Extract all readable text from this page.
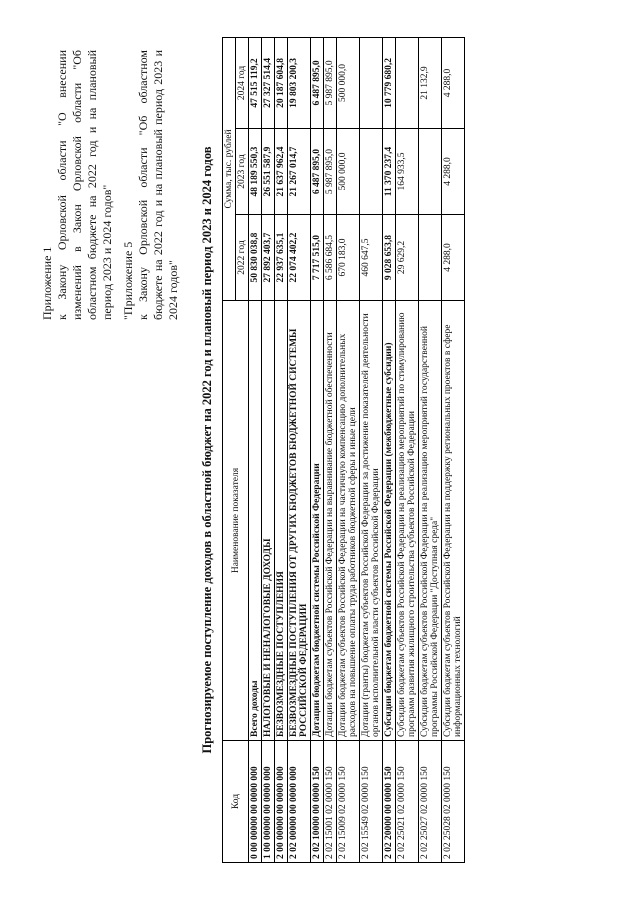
Приложение 1 к Закону Орловской области "О внесении изменений в Закон Орловской области "Об областном бюджете на 2022 год и на плановый период 2023 и 2024 годов" "Приложение 5 к Закону Орловской области "Об областном бюджете на 2022 год и на плановый период 2023 и 2024 годов" Прогнозируемое поступление доходов в областной бюджет на 2022 год и плановый период 2023 и 2024 годов
Код	Наименование показателя	Сумма, тыс. рублей		
		2022 год	2023 год	2024 год
0 00 00000 00 0000 000	Всего доходы	50 830 038,8	48 189 550,3	47 515 119,2
1 00 00000 00 0000 000	НАЛОГОВЫЕ И НЕНАЛОГОВЫЕ ДОХОДЫ	27 892 403,7	26 551 587,9	27 327 514,4
2 00 00000 00 0000 000	БЕЗВОЗМЕЗДНЫЕ ПОСТУПЛЕНИЯ	22 937 635,1	21 637 962,4	20 187 604,8
2 02 00000 00 0000 000	БЕЗВОЗМЕЗДНЫЕ ПОСТУПЛЕНИЯ ОТ ДРУГИХ БЮДЖЕТОВ БЮДЖЕТНОЙ СИСТЕМЫ РОССИЙСКОЙ ФЕДЕРАЦИИ	22 074 402,2	21 267 014,7	19 803 200,3
2 02 10000 00 0000 150	Дотации бюджетам бюджетной системы Российской Федерации	7 717 515,0	6 487 895,0	6 487 895,0
2 02 15001 02 0000 150	Дотации бюджетам субъектов Российской Федерации на выравнивание бюджетной обеспеченности	6 586 684,5	5 987 895,0	5 987 895,0
2 02 15009 02 0000 150	Дотации бюджетам субъектов Российской Федерации на частичную компенсацию дополнительных расходов на повышение оплаты труда работников бюджетной сферы и иные цели	670 183,0	500 000,0	500 000,0
2 02 15549 02 0000 150	Дотации (гранты) бюджетам субъектов Российской Федерации за достижение показателей деятельности органов исполнительной власти субъектов Российской Федерации	460 647,5		
2 02 20000 00 0000 150	Субсидии бюджетам бюджетной системы Российской Федерации (межбюджетные субсидии)	9 028 653,8	11 370 237,4	10 779 680,2
2 02 25021 02 0000 150	Субсидии бюджетам субъектов Российской Федерации на реализацию мероприятий по стимулированию программ развития жилищного строительства субъектов Российской Федерации	29 629,2	164 933,5	
2 02 25027 02 0000 150	Субсидии бюджетам субъектов Российской Федерации на реализацию мероприятий государственной программы Российской Федерации "Доступная среда"			21 132,9
2 02 25028 02 0000 150	Субсидии бюджетам субъектов Российской Федерации на поддержку региональных проектов в сфере информационных технологий	4 288,0	4 288,0	4 288,0
